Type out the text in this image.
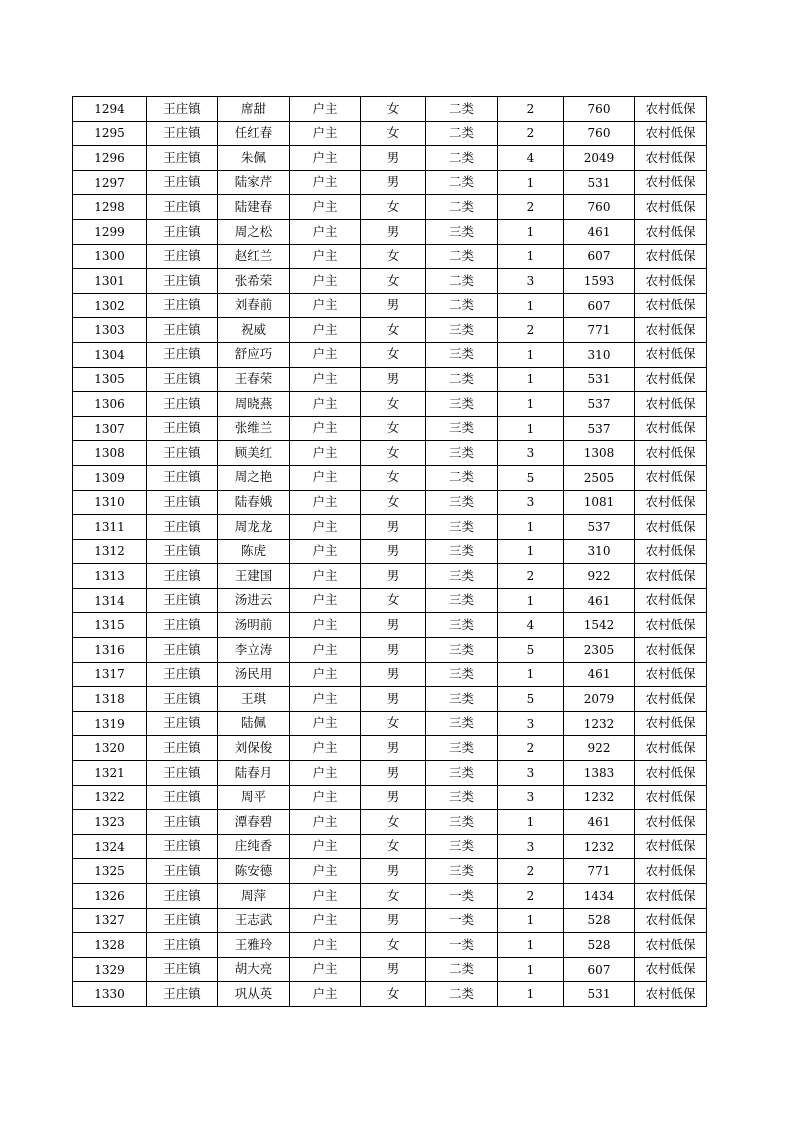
1294	王庄镇	席甜	户主	女	二类	2	760	农村低保
1295	王庄镇	任红春	户主	女	二类	2	760	农村低保
1296	王庄镇	朱佩	户主	男	二类	4	2049	农村低保
1297	王庄镇	陆家芹	户主	男	二类	1	531	农村低保
1298	王庄镇	陆建春	户主	女	二类	2	760	农村低保
1299	王庄镇	周之松	户主	男	三类	1	461	农村低保
1300	王庄镇	赵红兰	户主	女	二类	1	607	农村低保
1301	王庄镇	张希荣	户主	女	二类	3	1593	农村低保
1302	王庄镇	刘春前	户主	男	二类	1	607	农村低保
1303	王庄镇	祝威	户主	女	三类	2	771	农村低保
1304	王庄镇	舒应巧	户主	女	三类	1	310	农村低保
1305	王庄镇	王春荣	户主	男	二类	1	531	农村低保
1306	王庄镇	周晓燕	户主	女	三类	1	537	农村低保
1307	王庄镇	张维兰	户主	女	三类	1	537	农村低保
1308	王庄镇	顾美红	户主	女	三类	3	1308	农村低保
1309	王庄镇	周之艳	户主	女	二类	5	2505	农村低保
1310	王庄镇	陆春娥	户主	女	三类	3	1081	农村低保
1311	王庄镇	周龙龙	户主	男	三类	1	537	农村低保
1312	王庄镇	陈虎	户主	男	三类	1	310	农村低保
1313	王庄镇	王建国	户主	男	三类	2	922	农村低保
1314	王庄镇	汤进云	户主	女	三类	1	461	农村低保
1315	王庄镇	汤明前	户主	男	三类	4	1542	农村低保
1316	王庄镇	李立涛	户主	男	三类	5	2305	农村低保
1317	王庄镇	汤民用	户主	男	三类	1	461	农村低保
1318	王庄镇	王琪	户主	男	三类	5	2079	农村低保
1319	王庄镇	陆佩	户主	女	三类	3	1232	农村低保
1320	王庄镇	刘保俊	户主	男	三类	2	922	农村低保
1321	王庄镇	陆春月	户主	男	三类	3	1383	农村低保
1322	王庄镇	周平	户主	男	三类	3	1232	农村低保
1323	王庄镇	潭春碧	户主	女	三类	1	461	农村低保
1324	王庄镇	庄纯香	户主	女	三类	3	1232	农村低保
1325	王庄镇	陈安德	户主	男	三类	2	771	农村低保
1326	王庄镇	周萍	户主	女	一类	2	1434	农村低保
1327	王庄镇	王志武	户主	男	一类	1	528	农村低保
1328	王庄镇	王雅玲	户主	女	一类	1	528	农村低保
1329	王庄镇	胡大亮	户主	男	二类	1	607	农村低保
1330	王庄镇	巩从英	户主	女	二类	1	531	农村低保
